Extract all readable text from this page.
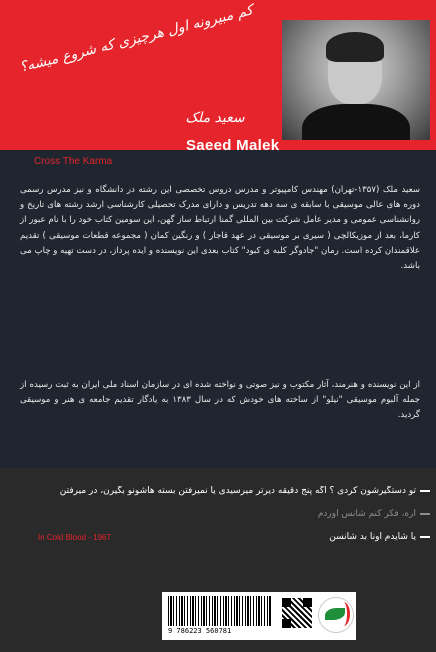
کم مبیرونه اول هرچیزی که شروع میشه؟
سعید ملک
Saeed Malek
Cross The Karma

سعید ملک (۱۳۵۷-تهران) مهندس کامپیوتر و مدرس دروس تخصصی این رشته در دانشگاه و نیز مدرس رسمی دوره های عالی موسیقی با سابقه ی سه دهه تدریس و دارای مدرک تحصیلی کارشناسی ارشد رشته های تاریخ و روانشناسی عمومی و مدیر عامل شرکت بین المللی گمنا ارتباط ساز گهن، این سومین کتاب خود را با نام عبور از کارما، بعد از موزیکالچی ( سیری بر موسیقی در عهد قاجار ) و رنگین کمان ( مجموعه قطعات موسیقی ) تقدیم علاقمندان کرده است. رمان "جادوگر کلبه ی کبود" کتاب بعدی این نویسنده و ایده پرداز، در دست تهیه و چاپ می باشد.

از این نویسنده و هنرمند، آثار مکتوب و نیز صوتی و نواخته شده ای در سازمان اسناد ملی ایران به ثبت رسیده از جمله آلبوم موسیقی "نیلو" از ساخته های خودش که در سال ۱۳۸۳ به یادگار تقدیم جامعه ی هنر و موسیقی گردید.

تو دستگیرشون کردی ؟ اگه پنج دقیقه دیرتر میرسیدی یا نمیرفتن بسته هاشونو بگیرن، در میرفتن
آره، فکر کنم شانس آوردم
یا شایدم اونا بد شانسن
In Cold Blood - 1967
9 786223 560781
